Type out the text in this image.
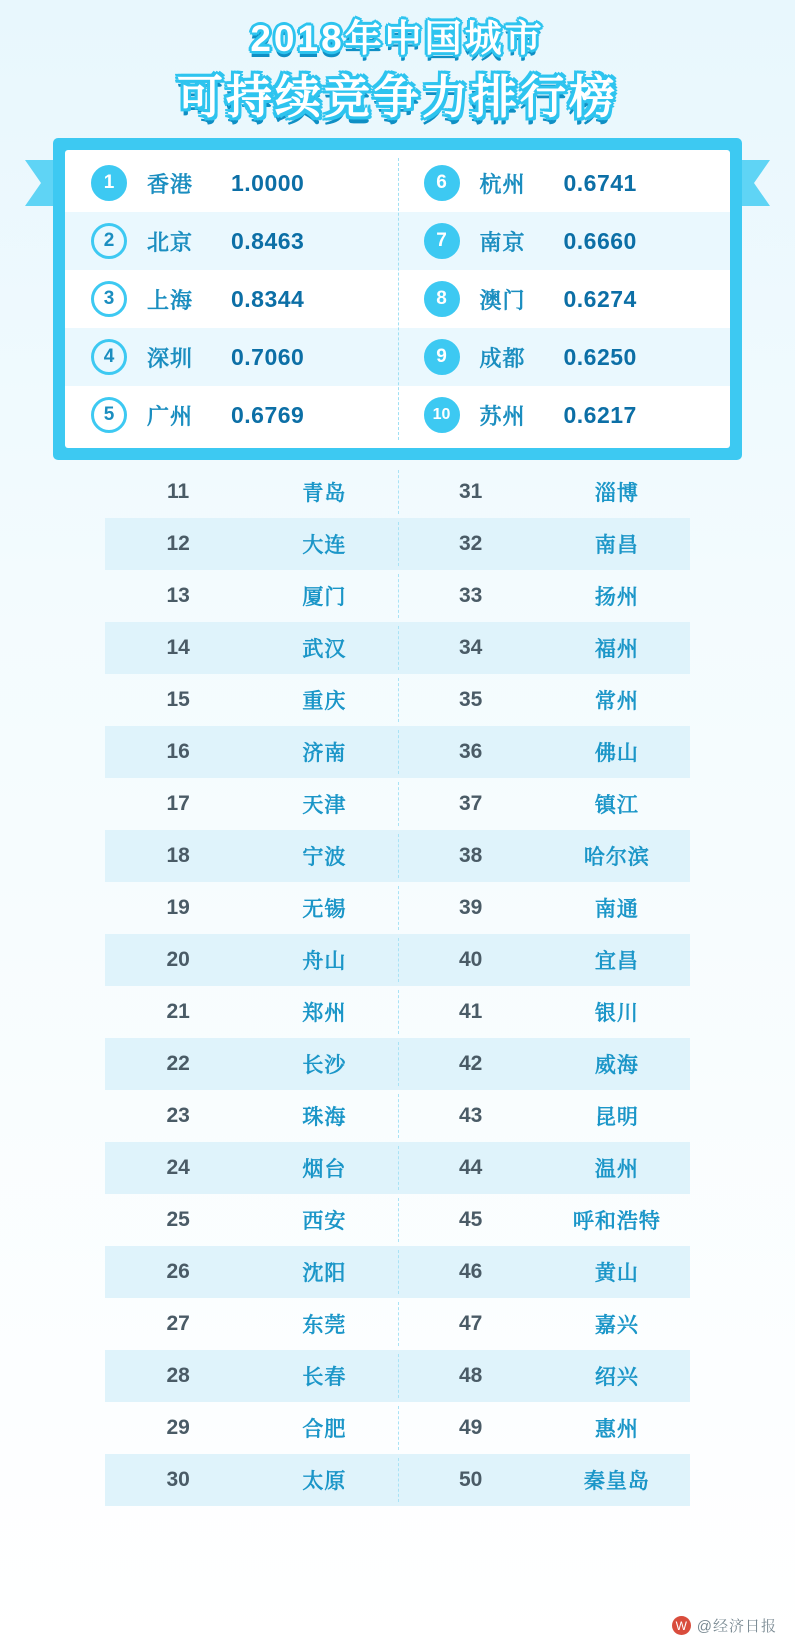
2018年中国城市
可持续竞争力排行榜
1	香港	1.0000	6	杭州	0.6741
2	北京	0.8463	7	南京	0.6660
3	上海	0.8344	8	澳门	0.6274
4	深圳	0.7060	9	成都	0.6250
5	广州	0.6769	10	苏州	0.6217
11	青岛	31	淄博
12	大连	32	南昌
13	厦门	33	扬州
14	武汉	34	福州
15	重庆	35	常州
16	济南	36	佛山
17	天津	37	镇江
18	宁波	38	哈尔滨
19	无锡	39	南通
20	舟山	40	宜昌
21	郑州	41	银川
22	长沙	42	威海
23	珠海	43	昆明
24	烟台	44	温州
25	西安	45	呼和浩特
26	沈阳	46	黄山
27	东莞	47	嘉兴
28	长春	48	绍兴
29	合肥	49	惠州
30	太原	50	秦皇岛
W @经济日报
